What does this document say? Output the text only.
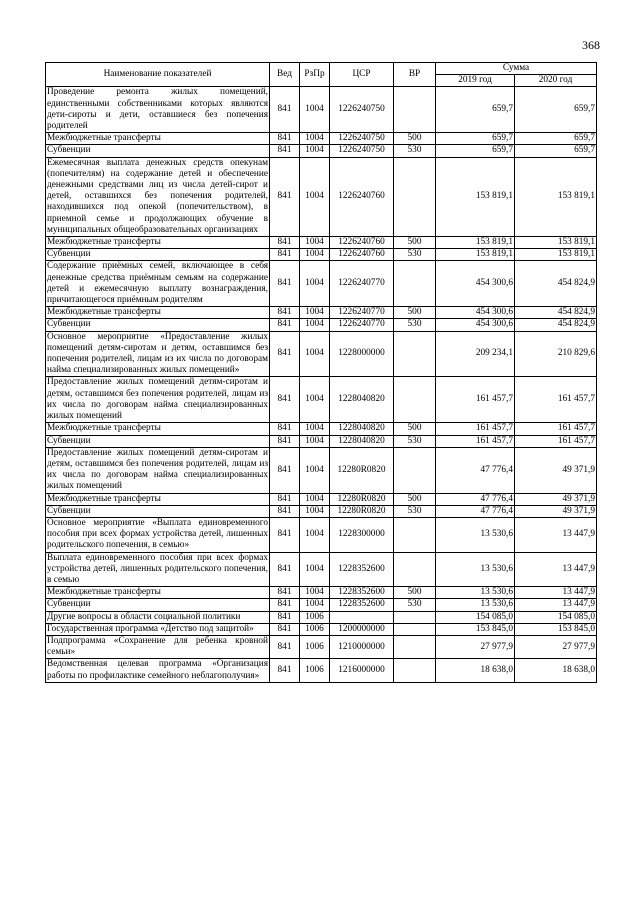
368
Наименование показателей	Вед	РзПр	ЦСР	ВР	Сумма	
					2019 год	2020 год
Проведение ремонта жилых помещений, единственными собственниками которых являются дети-сироты и дети, оставшиеся без попечения родителей	841	1004	1226240750		659,7	659,7
Межбюджетные трансферты	841	1004	1226240750	500	659,7	659,7
Субвенции	841	1004	1226240750	530	659,7	659,7
Ежемесячная выплата денежных средств опекунам (попечителям) на содержание детей и обеспечение денежными средствами лиц из числа детей-сирот и детей, оставшихся без попечения родителей, находившихся под опекой (попечительством), в приемной семье и продолжающих обучение в муниципальных общеобразовательных организациях	841	1004	1226240760		153 819,1	153 819,1
Межбюджетные трансферты	841	1004	1226240760	500	153 819,1	153 819,1
Субвенции	841	1004	1226240760	530	153 819,1	153 819,1
Содержание приёмных семей, включающее в себя денежные средства приёмным семьям на содержание детей и ежемесячную выплату вознаграждения, причитающегося приёмным родителям	841	1004	1226240770		454 300,6	454 824,9
Межбюджетные трансферты	841	1004	1226240770	500	454 300,6	454 824,9
Субвенции	841	1004	1226240770	530	454 300,6	454 824,9
Основное мероприятие «Предоставление жилых помещений детям-сиротам и детям, оставшимся без попечения родителей, лицам из их числа по договорам найма специализированных жилых помещений»	841	1004	1228000000		209 234,1	210 829,6
Предоставление жилых помещений детям-сиротам и детям, оставшимся без попечения родителей, лицам из их числа по договорам найма специализированных жилых помещений	841	1004	1228040820		161 457,7	161 457,7
Межбюджетные трансферты	841	1004	1228040820	500	161 457,7	161 457,7
Субвенции	841	1004	1228040820	530	161 457,7	161 457,7
Предоставление жилых помещений детям-сиротам и детям, оставшимся без попечения родителей, лицам из их числа по договорам найма специализированных жилых помещений	841	1004	12280R0820		47 776,4	49 371,9
Межбюджетные трансферты	841	1004	12280R0820	500	47 776,4	49 371,9
Субвенции	841	1004	12280R0820	530	47 776,4	49 371,9
Основное мероприятие «Выплата единовременного пособия при всех формах устройства детей, лишенных родительского попечения, в семью»	841	1004	1228300000		13 530,6	13 447,9
Выплата единовременного пособия при всех формах устройства детей, лишенных родительского попечения, в семью	841	1004	1228352600		13 530,6	13 447,9
Межбюджетные трансферты	841	1004	1228352600	500	13 530,6	13 447,9
Субвенции	841	1004	1228352600	530	13 530,6	13 447,9
Другие вопросы в области социальной политики	841	1006			154 085,0	154 085,0
Государственная программа «Детство под защитой»	841	1006	1200000000		153 845,0	153 845,0
Подпрограмма «Сохранение для ребенка кровной семьи»	841	1006	1210000000		27 977,9	27 977,9
Ведомственная целевая программа «Организация работы по профилактике семейного неблагополучия»	841	1006	1216000000		18 638,0	18 638,0
